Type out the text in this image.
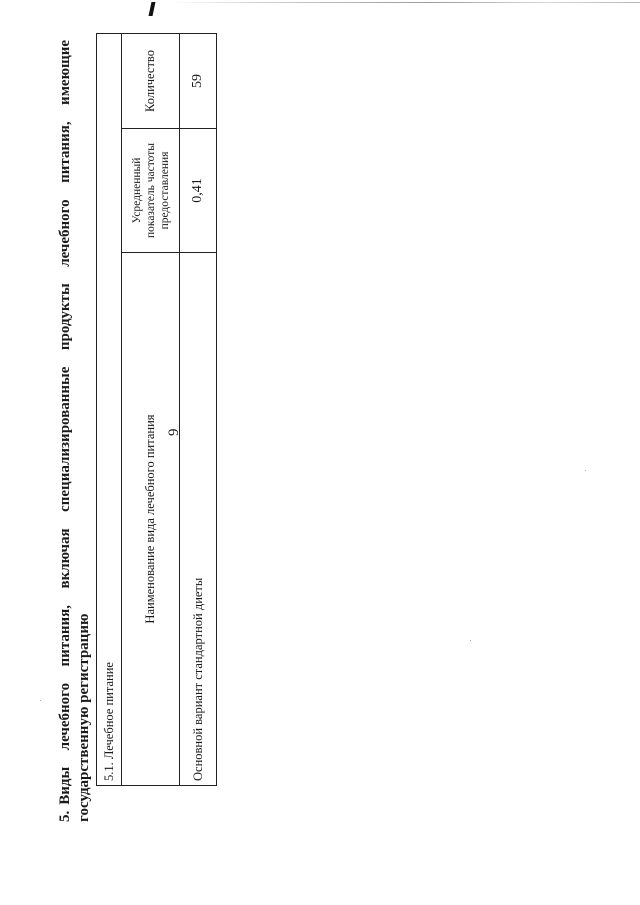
9
5.Виды лечебного питания, включая специализированные продукты лечебного питания, имеющие государственную регистрацию 5.1. Лечебное питание		
Наименование вида лечебного питания	Усредненный показатель частоты предоставления	Количество
Основной вариант стандартной диеты	0,41	59
